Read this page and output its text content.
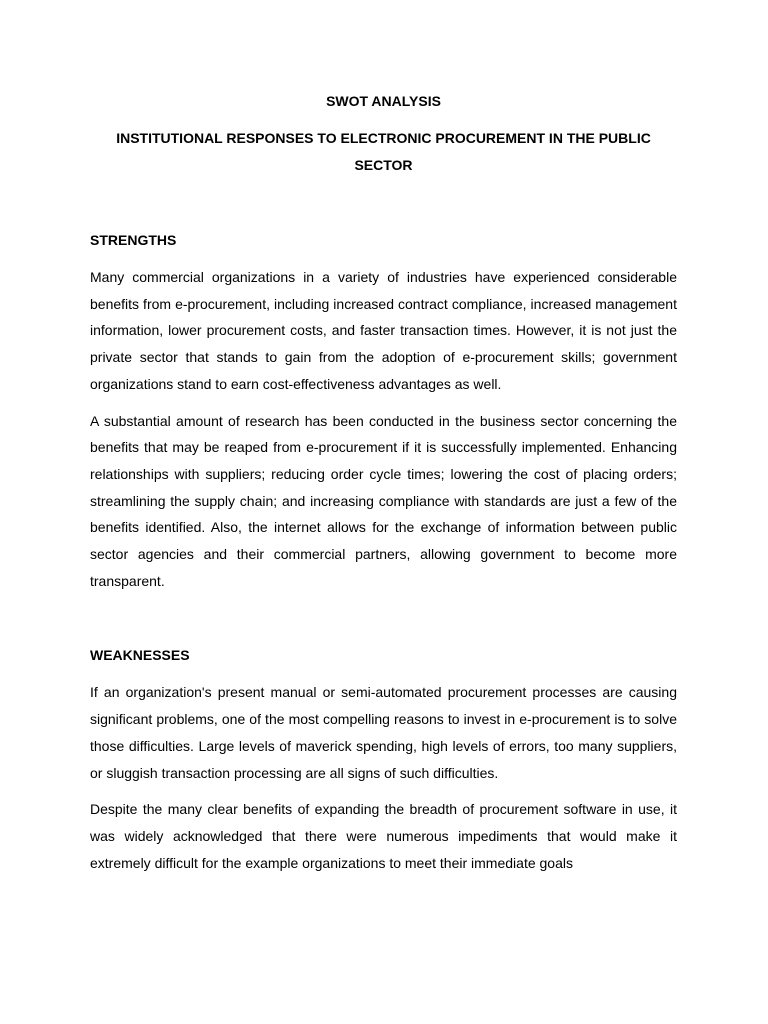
SWOT ANALYSIS
INSTITUTIONAL RESPONSES TO ELECTRONIC PROCUREMENT IN THE PUBLIC SECTOR
STRENGTHS

Many commercial organizations in a variety of industries have experienced considerable benefits from e-procurement, including increased contract compliance, increased management information, lower procurement costs, and faster transaction times. However, it is not just the private sector that stands to gain from the adoption of e-procurement skills; government organizations stand to earn cost-effectiveness advantages as well.

A substantial amount of research has been conducted in the business sector concerning the benefits that may be reaped from e-procurement if it is successfully implemented. Enhancing relationships with suppliers; reducing order cycle times; lowering the cost of placing orders; streamlining the supply chain; and increasing compliance with standards are just a few of the benefits identified. Also, the internet allows for the exchange of information between public sector agencies and their commercial partners, allowing government to become more transparent.

WEAKNESSES

If an organization's present manual or semi-automated procurement processes are causing significant problems, one of the most compelling reasons to invest in e-procurement is to solve those difficulties. Large levels of maverick spending, high levels of errors, too many suppliers, or sluggish transaction processing are all signs of such difficulties.

Despite the many clear benefits of expanding the breadth of procurement software in use, it was widely acknowledged that there were numerous impediments that would make it extremely difficult for the example organizations to meet their immediate goals
